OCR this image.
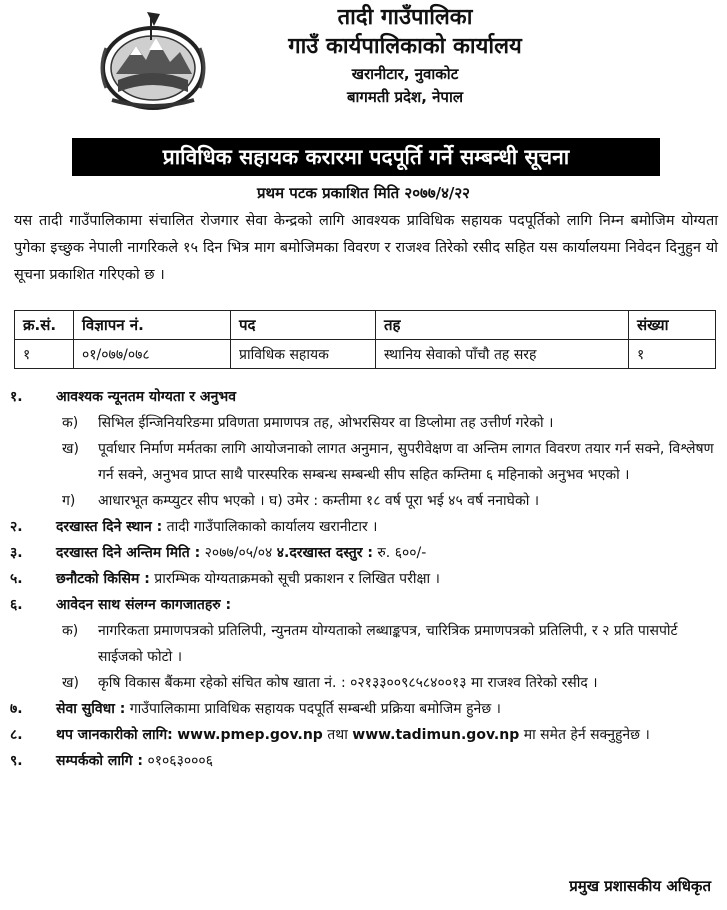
तादी गाउँपालिका
गाउँ कार्यपालिकाको कार्यालय
खरानीटार, नुवाकोट
बागमती प्रदेश, नेपाल
प्राविधिक सहायक करारमा पदपूर्ति गर्ने सम्बन्धी सूचना
प्रथम पटक प्रकाशित मिति २०७७/४/२२
यस तादी गाउँपालिकामा संचालित रोजगार सेवा केन्द्रको लागि आवश्यक प्राविधिक सहायक पदपूर्तिको लागि निम्न बमोजिम योग्यता पुगेका इच्छुक नेपाली नागरिकले १५ दिन भित्र माग बमोजिमका विवरण र राजश्व तिरेको रसीद सहित यस कार्यालयमा निवेदन दिनुहुन यो सूचना प्रकाशित गरिएको छ ।
क्र.सं.	विज्ञापन नं.	पद	तह	संख्या
१	०१/०७७/०७८	प्राविधिक सहायक	स्थानिय सेवाको पाँचौ तह सरह	१
१. आवश्यक न्यूनतम योग्यता र अनुभव
क) सिभिल ईन्जिनियरिङमा प्रविणता प्रमाणपत्र तह, ओभरसियर वा डिप्लोमा तह उत्तीर्ण गरेको ।
ख) पूर्वाधार निर्माण मर्मतका लागि आयोजनाको लागत अनुमान, सुपरीवेक्षण वा अन्तिम लागत विवरण तयार गर्न सक्ने, विश्लेषण गर्न सक्ने, अनुभव प्राप्त साथै पारस्परिक सम्बन्ध सम्बन्धी सीप सहित कम्तिमा ६ महिनाको अनुभव भएको ।
ग) आधारभूत कम्प्युटर सीप भएको । घ) उमेर : कम्तीमा १८ वर्ष पूरा भई ४५ वर्ष ननाघेको ।
२. दरखास्त दिने स्थान : तादी गाउँपालिकाको कार्यालय खरानीटार ।
३. दरखास्त दिने अन्तिम मिति : २०७७/०५/०४ ४.दरखास्त दस्तुर : रु. ६००/-
५. छनौटको किसिम : प्रारम्भिक योग्यताक्रमको सूची प्रकाशन र लिखित परीक्षा ।
६. आवेदन साथ संलग्न कागजातहरु :
क) नागरिकता प्रमाणपत्रको प्रतिलिपी, न्युनतम योग्यताको लब्धाङ्कपत्र, चारित्रिक प्रमाणपत्रको प्रतिलिपी, र २ प्रति पासपोर्ट साईजको फोटो ।
ख) कृषि विकास बैंकमा रहेको संचित कोष खाता नं. : ०२१३३००९८५८४००१३ मा राजश्व तिरेको रसीद ।
७. सेवा सुविधा : गाउँपालिकामा प्राविधिक सहायक पदपूर्ति सम्बन्धी प्रक्रिया बमोजिम हुनेछ ।
८. थप जानकारीको लागि: www.pmep.gov.np तथा www.tadimun.gov.np मा समेत हेर्न सक्नुहुनेछ ।
९. सम्पर्कको लागि : ०१०६३०००६
प्रमुख प्रशासकीय अधिकृत
